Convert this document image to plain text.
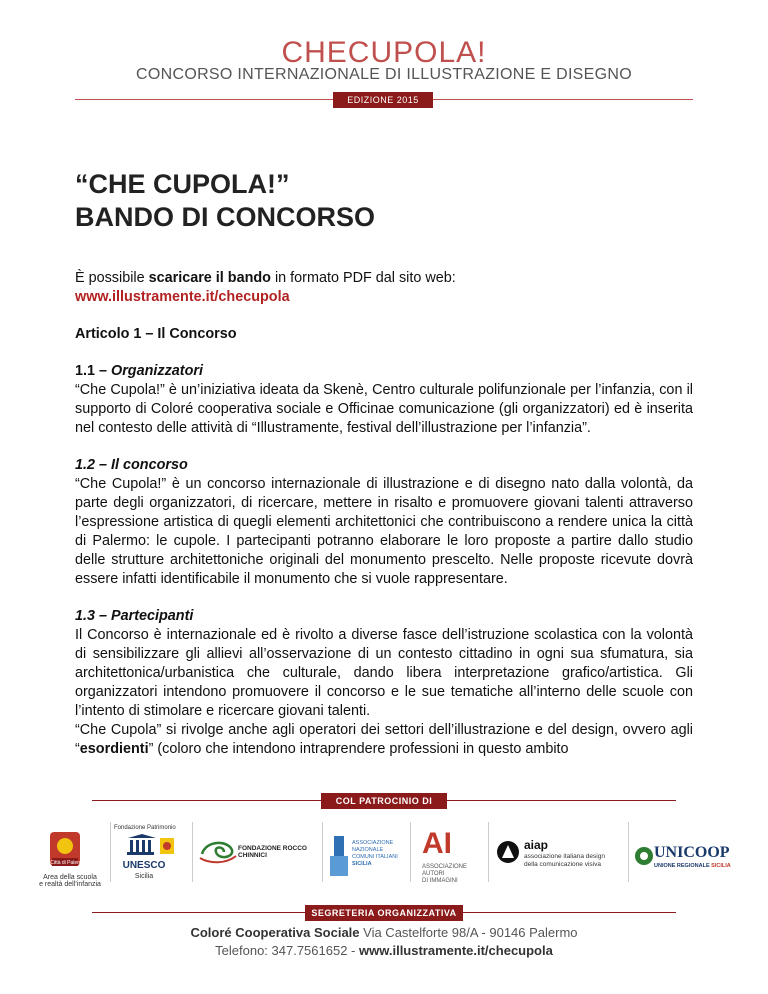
CHECUPOLA!
CONCORSO INTERNAZIONALE DI ILLUSTRAZIONE E DISEGNO
EDIZIONE 2015
“CHE CUPOLA!”
BANDO DI CONCORSO

È possibile scaricare il bando in formato PDF dal sito web:

www.illustramente.it/checupola

Articolo 1 – Il Concorso

1.1 – Organizzatori

“Che Cupola!” è un’iniziativa ideata da Skenè, Centro culturale polifunzionale per l’infanzia, con il supporto di Coloré cooperativa sociale e Officinae comunicazione (gli organizzatori) ed è inserita nel contesto delle attività di “Illustramente, festival dell’illustrazione per l’infanzia”.

1.2 – Il concorso

“Che Cupola!” è un concorso internazionale di illustrazione e di disegno nato dalla volontà, da parte degli organizzatori, di ricercare, mettere in risalto e promuovere giovani talenti attraverso l’espressione artistica di quegli elementi architettonici che contribuiscono a rendere unica la città di Palermo: le cupole. I partecipanti potranno elaborare le loro proposte a partire dallo studio delle strutture architettoniche originali del monumento prescelto. Nelle proposte ricevute dovrà essere infatti identificabile il monumento che si vuole rappresentare.

1.3 – Partecipanti

Il Concorso è internazionale ed è rivolto a diverse fasce dell’istruzione scolastica con la volontà di sensibilizzare gli allievi all’osservazione di un contesto cittadino in ogni sua sfumatura, sia architettonica/urbanistica che culturale, dando libera interpretazione grafico/artistica. Gli organizzatori intendono promuovere il concorso e le sue tematiche all’interno delle scuole con l’intento di stimolare e ricercare giovani talenti.

“Che Cupola” si rivolge anche agli operatori dei settori dell’illustrazione e del design, ovvero agli “esordienti” (coloro che intendono intraprendere professioni in questo ambito

COL PATROCINIO DI
Città di Palermo
Area della scuola
e realtà dell’infanzia
Fondazione Patrimonio
UNESCO
Sicilia
FONDAZIONE ROCCO CHINNICI
ASSOCIAZIONE
NAZIONALE
COMUNI ITALIANI
SICILIA
AI
ASSOCIAZIONE
AUTORI
DI IMMAGINI
aiap
associazione italiana design
della comunicazione visiva
UNICOOP
UNIONE REGIONALE SICILIA
SEGRETERIA ORGANIZZATIVA
Coloré Cooperativa Sociale Via Castelforte 98/A - 90146 Palermo
Telefono: 347.7561652 - www.illustramente.it/checupola
